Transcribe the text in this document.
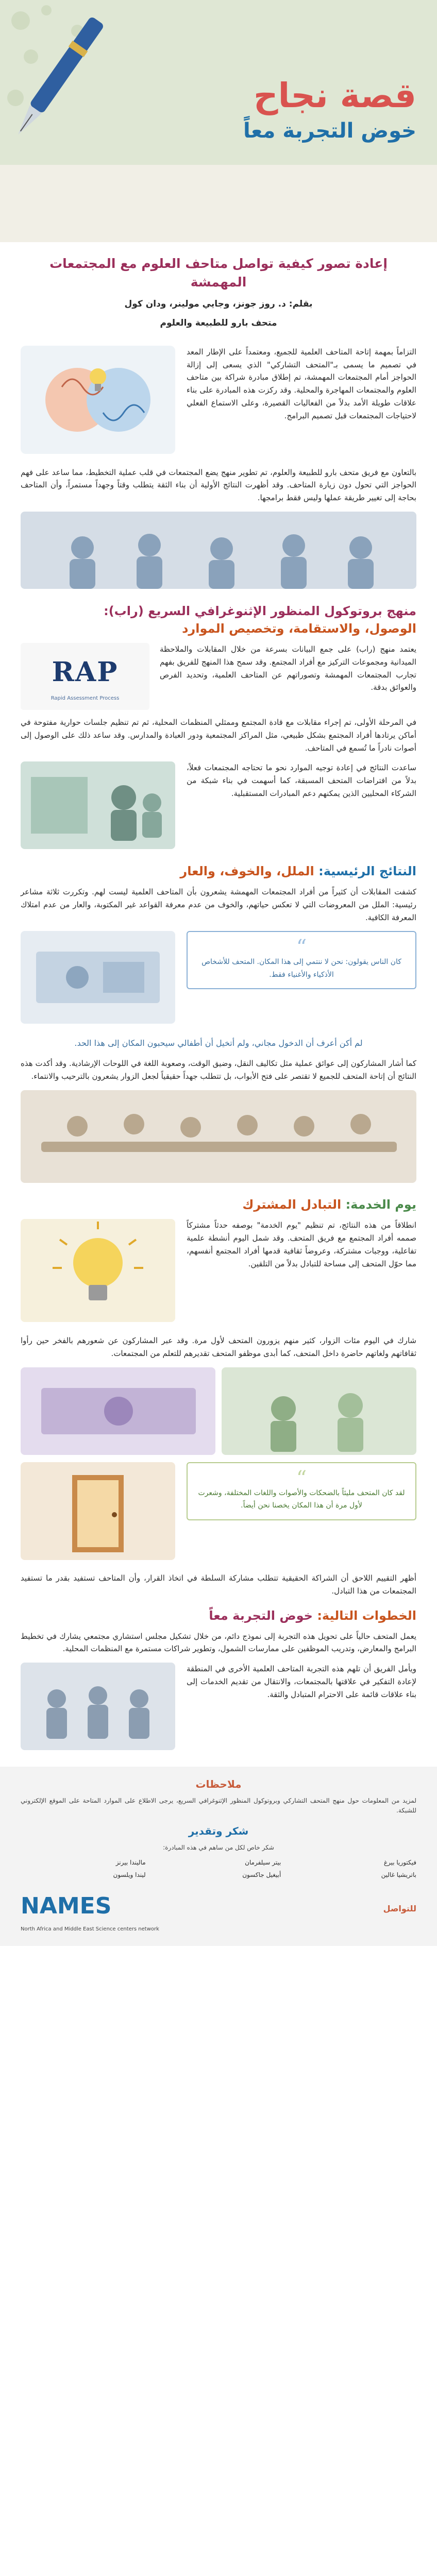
قصة نجاح
خوض التجربة معاً
إعادة تصور كيفية تواصل متاحف العلوم مع المجتمعات المهمشة
بقلم: د. روز جونز، وجايي مولينر، ودان كول
متحف بارو للطبيعة والعلوم

التزاماً بمهمة إتاحة المتاحف العلمية للجميع، ومعتمداً على الإطار المعد في تصميم ما يسمى بـ"المتحف التشاركي" الذي يسعى إلى إزالة الحواجز أمام المجتمعات المهمشة، تم إطلاق مبادرة شراكة بين متاحف العلوم والمجتمعات المهاجرة والمحلية. وقد ركزت هذه المبادرة على بناء علاقات طويلة الأمد بدلاً من الفعاليات القصيرة، وعلى الاستماع الفعلي لاحتياجات المجتمعات قبل تصميم البرامج.

بالتعاون مع فريق متحف بارو للطبيعة والعلوم، تم تطوير منهج يضع المجتمعات في قلب عملية التخطيط، مما ساعد على فهم الحواجز التي تحول دون زيارة المتاحف. وقد أظهرت النتائج الأولية أن بناء الثقة يتطلب وقتاً وجهداً مستمراً، وأن المتاحف بحاجة إلى تغيير طريقة عملها وليس فقط برامجها.

منهج بروتوكول المنظور الإثنوغرافي السريع (راب):
الوصول، والاستقامة، وتخصيص الموارد

يعتمد منهج (راب) على جمع البيانات بسرعة من خلال المقابلات والملاحظة الميدانية ومجموعات التركيز مع أفراد المجتمع. وقد سمح هذا المنهج للفريق بفهم تجارب المجتمعات المهمشة وتصوراتهم عن المتاحف العلمية، وتحديد الفرص والعوائق بدقة.

RAP
Rapid Assessment Process

في المرحلة الأولى، تم إجراء مقابلات مع قادة المجتمع وممثلي المنظمات المحلية، ثم تم تنظيم جلسات حوارية مفتوحة في أماكن يرتادها أفراد المجتمع بشكل طبيعي، مثل المراكز المجتمعية ودور العبادة والمدارس. وقد ساعد ذلك على الوصول إلى أصوات نادراً ما تُسمع في المتاحف.

ساعدت النتائج في إعادة توجيه الموارد نحو ما تحتاجه المجتمعات فعلاً، بدلاً من افتراضات المتحف المسبقة، كما أسهمت في بناء شبكة من الشركاء المحليين الذين يمكنهم دعم المبادرات المستقبلية.

النتائج الرئيسية: الملل، والخوف، والعار

كشفت المقابلات أن كثيراً من أفراد المجتمعات المهمشة يشعرون بأن المتاحف العلمية ليست لهم. وتكررت ثلاثة مشاعر رئيسية: الملل من المعروضات التي لا تعكس حياتهم، والخوف من عدم معرفة القواعد غير المكتوبة، والعار من عدم امتلاك المعرفة الكافية.

“
كان الناس يقولون: نحن لا ننتمي إلى هذا المكان. المتحف للأشخاص الأذكياء والأغنياء فقط.
لم أكن أعرف أن الدخول مجاني، ولم أتخيل أن أطفالي سيحبون المكان إلى هذا الحد.

كما أشار المشاركون إلى عوائق عملية مثل تكاليف النقل، وضيق الوقت، وصعوبة اللغة في اللوحات الإرشادية. وقد أكدت هذه النتائج أن إتاحة المتحف للجميع لا تقتصر على فتح الأبواب، بل تتطلب جهداً حقيقياً لجعل الزوار يشعرون بالترحيب والانتماء.

يوم الخدمة: التبادل المشترك

انطلاقاً من هذه النتائج، تم تنظيم "يوم الخدمة" بوصفه حدثاً مشتركاً صممه أفراد المجتمع مع فريق المتحف. وقد شمل اليوم أنشطة علمية تفاعلية، ووجبات مشتركة، وعروضاً ثقافية قدمها أفراد المجتمع أنفسهم، مما حوّل المتحف إلى مساحة للتبادل بدلاً من التلقين.

شارك في اليوم مئات الزوار، كثير منهم يزورون المتحف لأول مرة. وقد عبر المشاركون عن شعورهم بالفخر حين رأوا ثقافاتهم ولغاتهم حاضرة داخل المتحف، كما أبدى موظفو المتحف تقديرهم للتعلم من المجتمعات.

“
لقد كان المتحف مليئاً بالضحكات والأصوات واللغات المختلفة، وشعرت لأول مرة أن هذا المكان يخصنا نحن أيضاً.

أظهر التقييم اللاحق أن الشراكة الحقيقية تتطلب مشاركة السلطة في اتخاذ القرار، وأن المتاحف تستفيد بقدر ما تستفيد المجتمعات من هذا التبادل.

الخطوات التالية: خوض التجربة معاً

يعمل المتحف حالياً على تحويل هذه التجربة إلى نموذج دائم، من خلال تشكيل مجلس استشاري مجتمعي يشارك في تخطيط البرامج والمعارض، وتدريب الموظفين على ممارسات الشمول، وتطوير شراكات مستمرة مع المنظمات المحلية.

ويأمل الفريق أن تلهم هذه التجربة المتاحف العلمية الأخرى في المنطقة لإعادة التفكير في علاقتها بالمجتمعات، والانتقال من تقديم الخدمات إلى بناء علاقات قائمة على الاحترام المتبادل والثقة.

ملاحظات

لمزيد من المعلومات حول منهج المتحف التشاركي وبروتوكول المنظور الإثنوغرافي السريع، يرجى الاطلاع على الموارد المتاحة على الموقع الإلكتروني للشبكة.

شكر وتقدير

شكر خاص لكل من ساهم في هذه المبادرة:

فيكتوريا بيرغ
بيتر سيلفرمان
ماليندا بيرنز
باتريشيا غالين
أبيغيل جاكسون
ليندا ويلسون
للتواصل
NAMES
North Africa and Middle East Science centers network
